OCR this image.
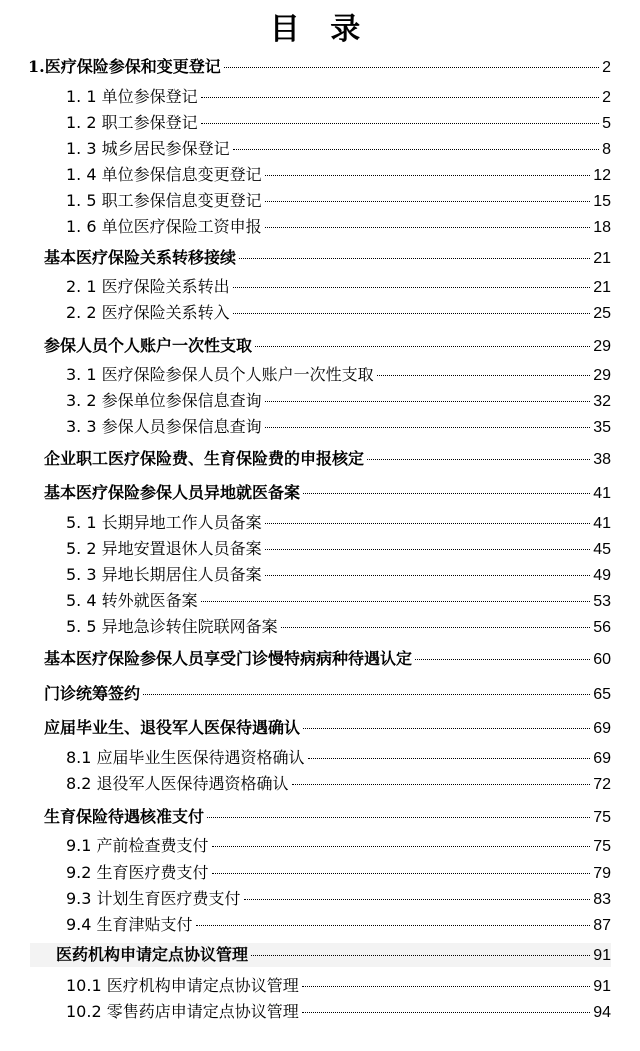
目 录
1.医疗保险参保和变更登记	2
1. 1 单位参保登记	2
1. 2 职工参保登记	5
1. 3 城乡居民参保登记	8
1. 4 单位参保信息变更登记	12
1. 5 职工参保信息变更登记	15
1. 6 单位医疗保险工资申报	18
基本医疗保险关系转移接续	21
2. 1 医疗保险关系转出	21
2. 2 医疗保险关系转入	25
参保人员个人账户一次性支取	29
3. 1 医疗保险参保人员个人账户一次性支取	29
3. 2 参保单位参保信息查询	32
3. 3 参保人员参保信息查询	35
企业职工医疗保险费、生育保险费的申报核定	38
基本医疗保险参保人员异地就医备案	41
5. 1 长期异地工作人员备案	41
5. 2 异地安置退休人员备案	45
5. 3 异地长期居住人员备案	49
5. 4 转外就医备案	53
5. 5 异地急诊转住院联网备案	56
基本医疗保险参保人员享受门诊慢特病病种待遇认定	60
门诊统筹签约	65
应届毕业生、退役军人医保待遇确认	69
8.1 应届毕业生医保待遇资格确认	69
8.2 退役军人医保待遇资格确认	72
生育保险待遇核准支付	75
9.1 产前检查费支付	75
9.2 生育医疗费支付	79
9.3 计划生育医疗费支付	83
9.4 生育津贴支付	87
医药机构申请定点协议管理	91
10.1 医疗机构申请定点协议管理	91
10.2 零售药店申请定点协议管理	94
